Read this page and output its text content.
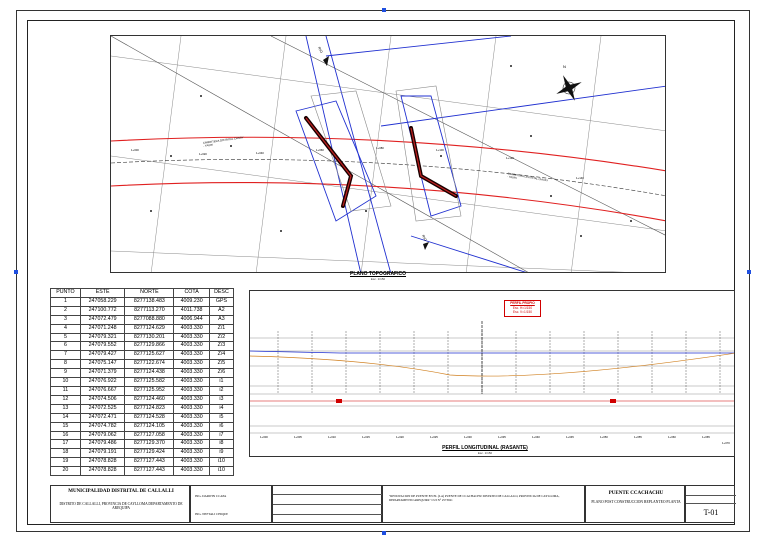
CARRETERA DISTRITAL CHIVAY - YAURI
CARRETERA DISTRITAL CHIVAY - YAURI
RIO
RIO
N
1+000
1+020	1+040
1+060	1+080	1+100
1+120
1+140
PLANO TOPOGRAFICO
Esc. 1/150
PUNTO	ESTE	NORTE	COTA	DESC
1	247058.229	8277138.483	4009.230	GPS
2	247100.772	8277113.270	4011.738	A2
3	247072.479	8277088.880	4006.944	A3
4	247071.248	8277124.629	4003.330	Z/1
5	247079.321	8277130.201	4003.330	Z/2
6	247079.552	8277129.866	4003.330	Z/3
7	247079.427	8277125.627	4003.330	Z/4
8	247075.147	8277122.674	4003.330	Z/5
9	247071.379	8277124.438	4003.330	Z/6
10	247076.922	8277125.582	4003.330	i1
11	247076.667	8277125.952	4003.330	i2
12	247074.506	8277124.460	4003.330	i3
13	247072.525	8277124.823	4003.330	i4
14	247072.471	8277124.528	4003.330	i5
15	247074.782	8277124.105	4003.330	i6
16	247079.062	8277127.058	4003.330	i7
17	247079.486	8277129.370	4003.330	i8
18	247079.191	8277129.424	4003.330	i9
19	247078.828	8277127.443	4003.330	i10
20	247078.828	8277127.443	4003.330	i10
1+000	1+005	1+010	1+015	1+020	1+025	1+030	1+035	1+040	1+045	1+050	1+055	1+060	1+065
1+070
PERFIL PROPIO
Esc. H=1/150
Esc. V=1/150
PERFIL LONGITUDINAL (RASANTE)
Esc. 1/150
MUNICIPALIDAD DISTRITAL DE CALLALLI
DISTRITO DE CALLALLI, PROVINCIA DE CAYLLOMA DEPARTAMENTO DE AREQUIPA
ING. DARWIN CCAPA
ING. NEFTALI CHIQUE
"RENOVACION DE PUENTE EN EL (LA) PUENTE DE CCACHACHU DISTRITO DE CALLALLI, PROVINCIA DE CAYLLOMA, DEPARTAMENTO AREQUIPA" CUI N° 2573921
PUENTE CCACHACHU
PLANO POST CONSTRUCCION REPLANTEO PLANTA
T-01
